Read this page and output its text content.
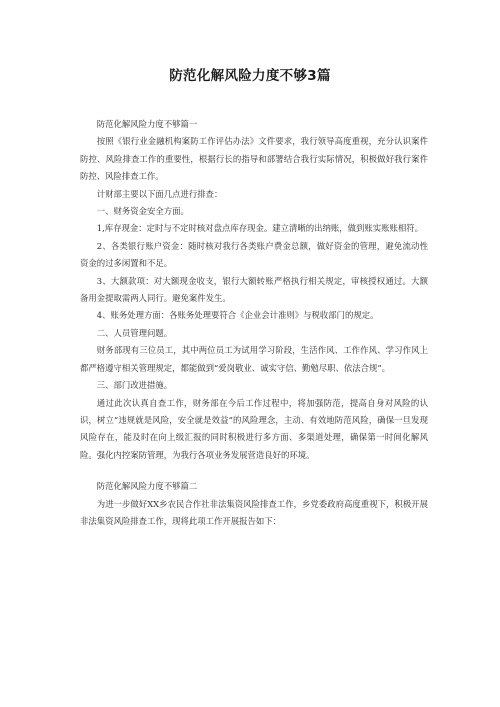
防范化解风险力度不够3篇

防范化解风险力度不够篇一

按照《银行业金融机构案防工作评估办法》文件要求，我行领导高度重视，充分认识案件防控、风险排查工作的重要性，根据行长的指导和部署结合我行实际情况，积极做好我行案件防控、风险排查工作。

计财部主要以下面几点进行排查：

一、财务资金安全方面。

1,库存现金：定时与不定时核对盘点库存现金。建立清晰的出纳账，做到账实账账相符。

2、各类银行账户资金：随时核对我行各类账户费金总额，做好资金的管理，避免流动性资金的过多闲置和不足。

3、大额款项：对大额现金收支，银行大额转账严格执行相关规定，审核授权通过。大额备用金提取需两人同行。避免案件发生。

4、账务处理方面：各账务处理要符合《企业会计准则》与税收部门的规定。

二、人员管理问题。

财务部现有三位员工，其中两位员工为试用学习阶段，生活作风、工作作风、学习作风上都严格遵守相关管理规定，都能做到“爱岗敬业、诚实守信、勤勉尽职、依法合规”。

三、部门改进措施。

通过此次认真自查工作，财务部在今后工作过程中，将加强防范，提高自身对风险的认识，树立“违规就是风险，安全就是效益”的风险理念，主动、有效地防范风险，确保一旦发现风险存在，能及时在向上级汇报的同时积极进行多方面、多渠道处理，确保第一时间化解风险。强化内控案防管理，为我行各项业务发展营造良好的环境。

防范化解风险力度不够篇二

为进一步做好XX乡农民合作社非法集资风险排查工作，乡党委政府高度重视下，积极开展非法集资风险排查工作，现将此项工作开展报告如下：
